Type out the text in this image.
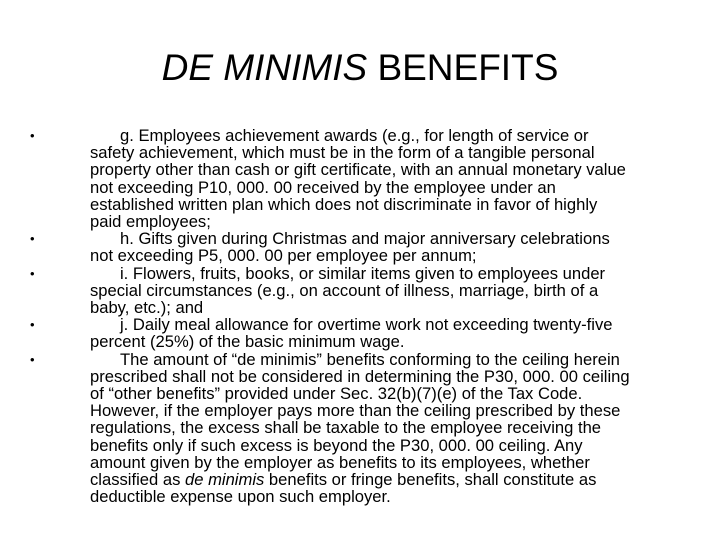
DE MINIMIS BENEFITS
•	g. Employees achievement awards (e.g., for length of service or
safety achievement, which must be in the form of a tangible personal
property other than cash or gift certificate, with an annual monetary value
not exceeding P10, 000. 00 received by the employee under an
established written plan which does not discriminate in favor of highly
paid employees;
•	h. Gifts given during Christmas and major anniversary celebrations
not exceeding P5, 000. 00 per employee per annum;
•	i. Flowers, fruits, books, or similar items given to employees under
special circumstances (e.g., on account of illness, marriage, birth of a
baby, etc.); and
•	j. Daily meal allowance for overtime work not exceeding twenty-five
percent (25%) of the basic minimum wage.
•	The amount of “de minimis” benefits conforming to the ceiling herein
prescribed shall not be considered in determining the P30, 000. 00 ceiling
of “other benefits” provided under Sec. 32(b)(7)(e) of the Tax Code.
However, if the employer pays more than the ceiling prescribed by these
regulations, the excess shall be taxable to the employee receiving the
benefits only if such excess is beyond the P30, 000. 00 ceiling. Any
amount given by the employer as benefits to its employees, whether
classified as de minimis benefits or fringe benefits, shall constitute as
deductible expense upon such employer.
